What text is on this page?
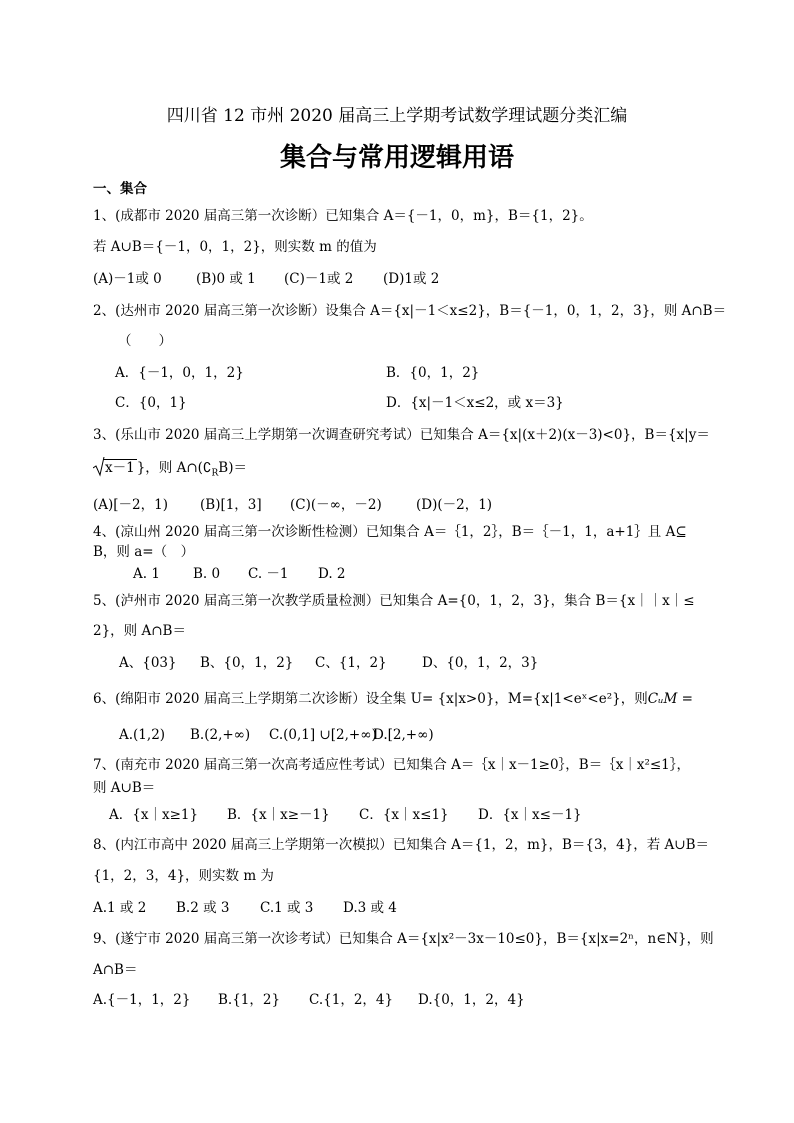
四川省 12 市州 2020 届高三上学期考试数学理试题分类汇编
集合与常用逻辑用语
一、集合
1、(成都市 2020 届高三第一次诊断）已知集合 A＝{－1，0，m}，B＝{1，2}。
若 A∪B＝{－1，0，1，2}，则实数 m 的值为
(A)－1或 0	(B)0 或 1 (C)－1或 2 (D)1或 2
2、(达州市 2020 届高三第一次诊断）设集合 A＝{x|－1＜x≤2}，B＝{－1，0，1，2，3}，则 A∩B＝
（　　）
A．{－1，0，1，2}	B．{0，1，2}
C．{0，1}	D．{x|－1＜x≤2，或 x＝3}
3、(乐山市 2020 届高三上学期第一次调查研究考试）已知集合 A＝{x|(x＋2)(x－3)<0}，B＝{x|y＝
x－1 }，则 $A\cap(∁_RB)=$
(A)[－2，1) (B)[1，3] (C)(－∞，－2)	(D)(－2，1)
4、(凉山州 2020 届高三第一次诊断性检测）已知集合 A＝｛1，2｝，B＝｛－1，1，a+1｝且 A⊆
B，则 a=（　）
A. 1 B. 0 C. －1 D. 2
5、(泸州市 2020 届高三第一次教学质量检测）已知集合 A={0，1，2，3}，集合 B＝{x｜｜x｜≤
2}，则 A∩B＝
A、{03} B、{0，1，2} C、{1，2}	D、{0，1，2，3}
6、(绵阳市 2020 届高三上学期第二次诊断）设全集 U= {x|x>0}，M={x|1<eˣ<e²}，则CᵤM =
A.(1,2) B.(2,+∞) C.(0,1] ∪[2,+∞)
D.[2,+∞)
7、(南充市 2020 届高三第一次高考适应性考试）已知集合 A＝｛x｜x－1≥0｝，B＝｛x｜x²≤1｝，
则 A∪B＝
A．{x｜x≥1} B．{x｜x≥－1} C．{x｜x≤1} D．{x｜x≤－1}
8、(内江市高中 2020 届高三上学期第一次模拟）已知集合 A＝{1，2，m}，B＝{3，4}，若 A∪B＝
{1，2，3，4}，则实数 m 为
A.1 或 2 B.2 或 3 C.1 或 3 D.3 或 4
9、(遂宁市 2020 届高三第一次诊考试）已知集合 A＝{x|x²－3x－10≤0}，B＝{x|x=2ⁿ，n∈N}，则
A∩B＝
A.{－1，1，2} B.{1，2} C.{1，2，4} D.{0，1，2，4}
